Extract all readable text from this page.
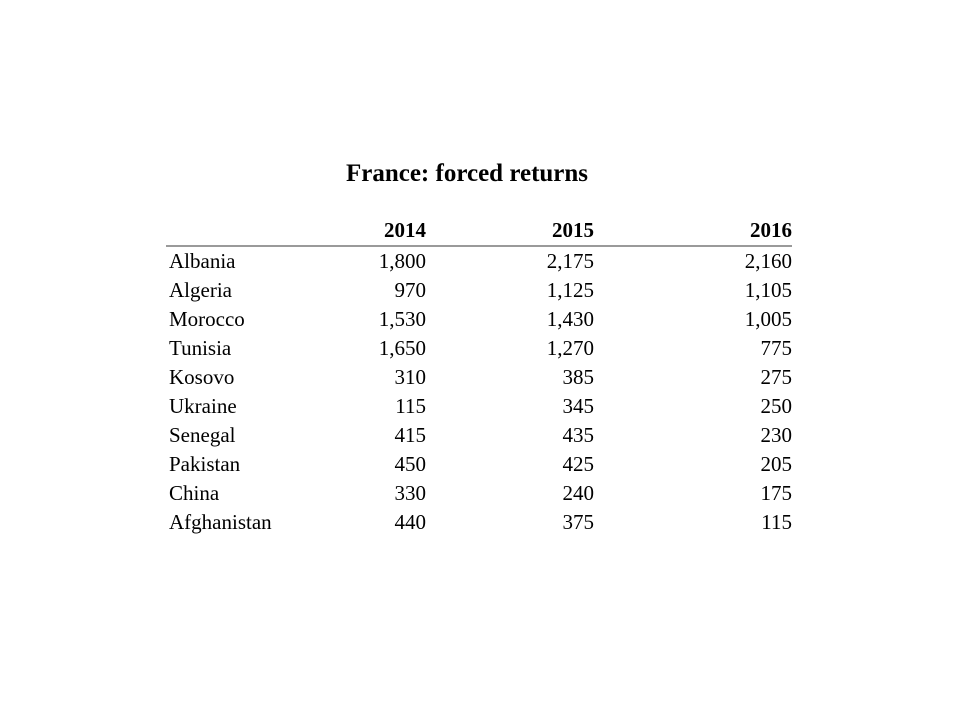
France: forced returns
	2014	2015	2016
Albania	1,800	2,175	2,160
Algeria	970	1,125	1,105
Morocco	1,530	1,430	1,005
Tunisia	1,650	1,270	775
Kosovo	310	385	275
Ukraine	115	345	250
Senegal	415	435	230
Pakistan	450	425	205
China	330	240	175
Afghanistan	440	375	115
